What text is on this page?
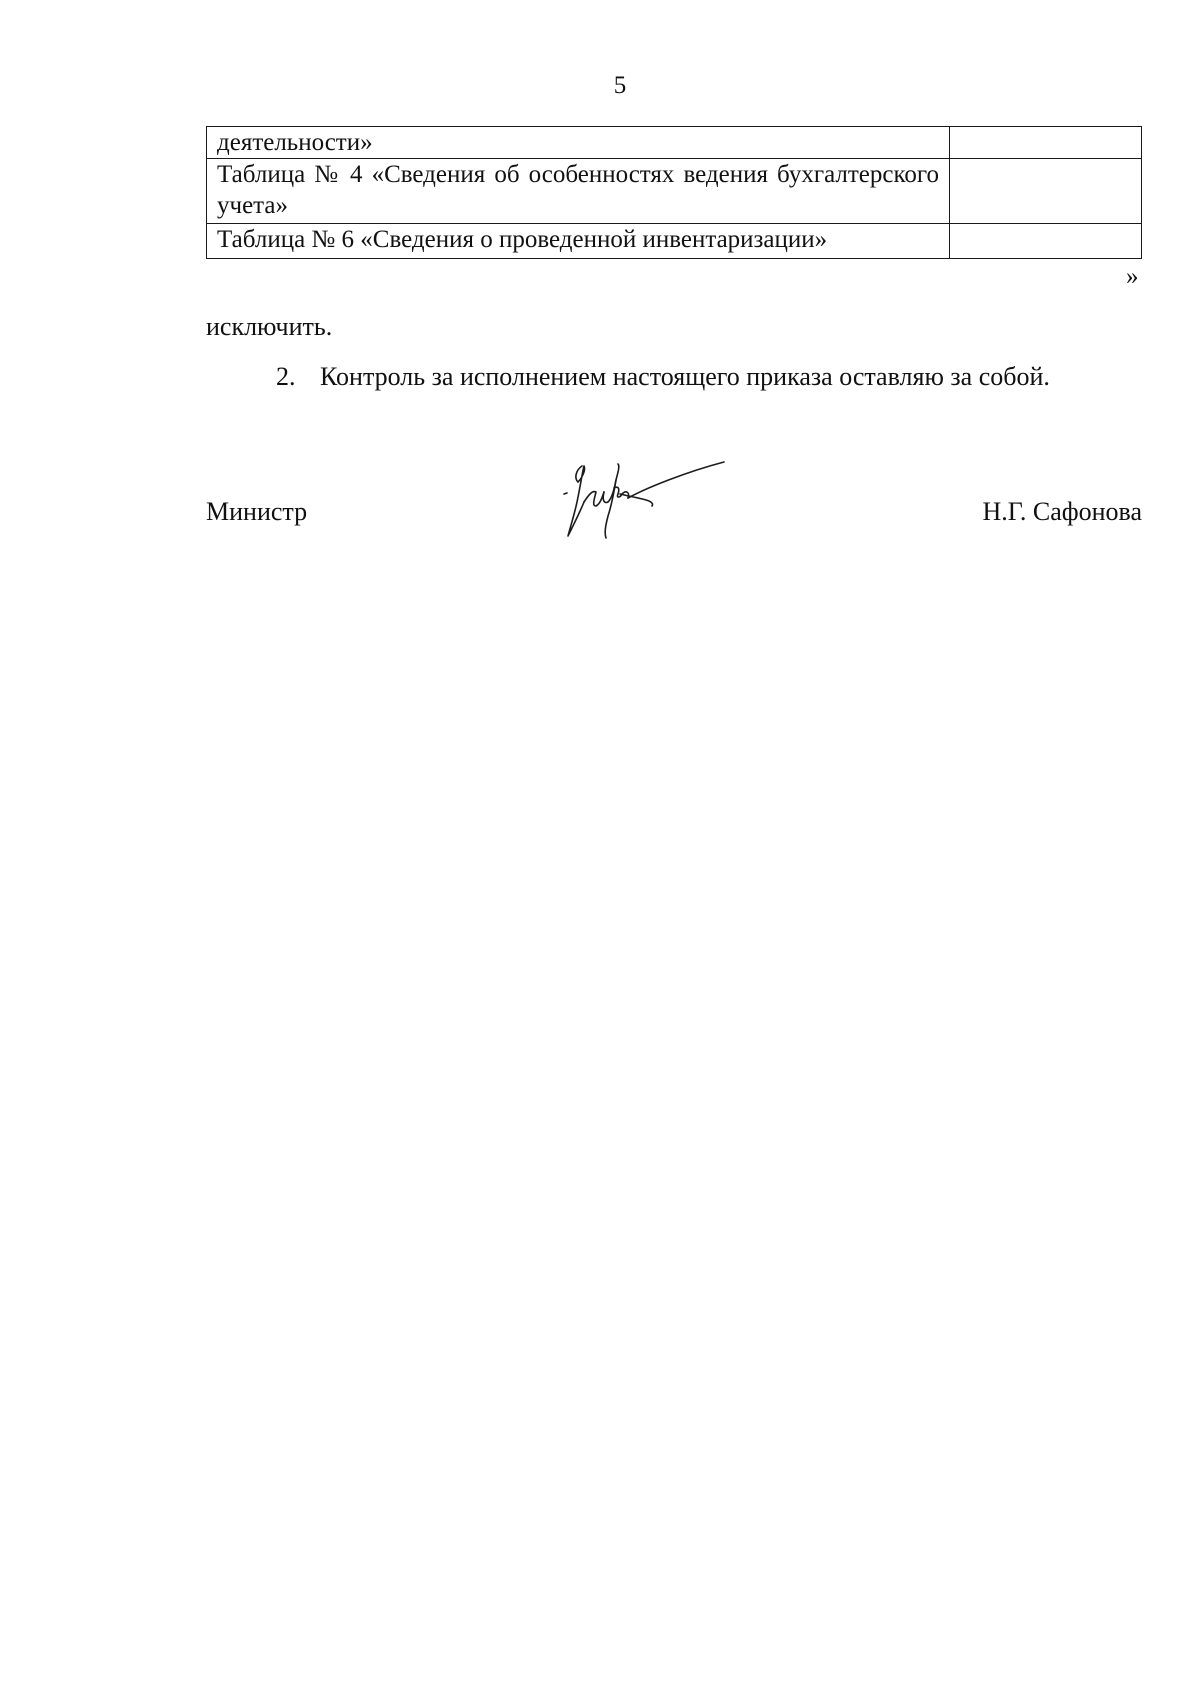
5
деятельности»	
Таблица № 4 «Сведения об особенностях ведения бухгалтерского учета»	
Таблица № 6 «Сведения о проведенной инвентаризации»	
»
исключить.
2. Контроль за исполнением настоящего приказа оставляю за собой.
Министр	Н.Г. Сафонова
